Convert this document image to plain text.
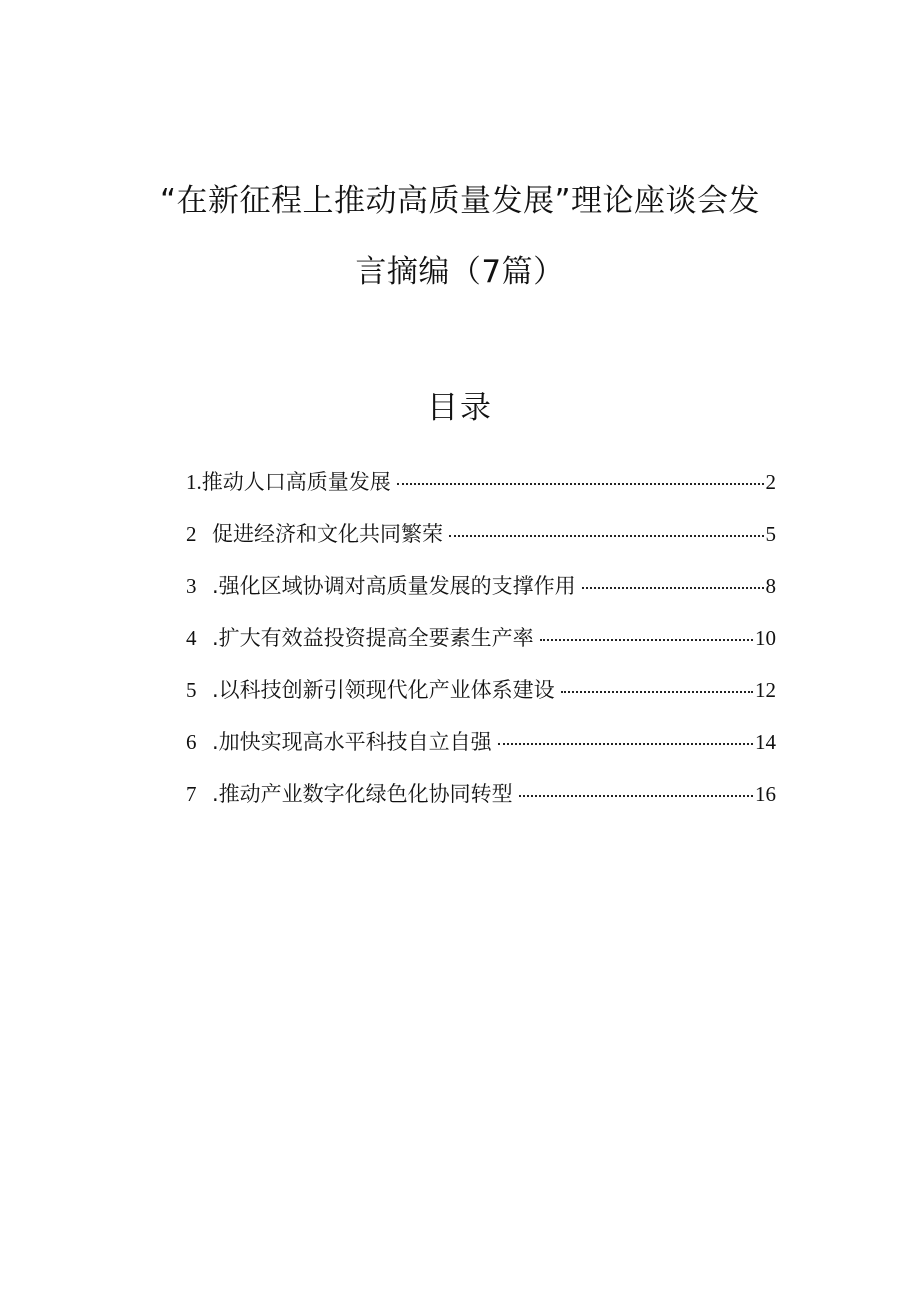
“在新征程上推动高质量发展”理论座谈会发
言摘编（7篇）
目录
1. 推动人口高质量发展	2
2 促进经济和文化共同繁荣	5
3 .强化区域协调对高质量发展的支撑作用	8
4 .扩大有效益投资提高全要素生产率	10
5 .以科技创新引领现代化产业体系建设	12
6 .加快实现高水平科技自立自强	14
7 .推动产业数字化绿色化协同转型	16
